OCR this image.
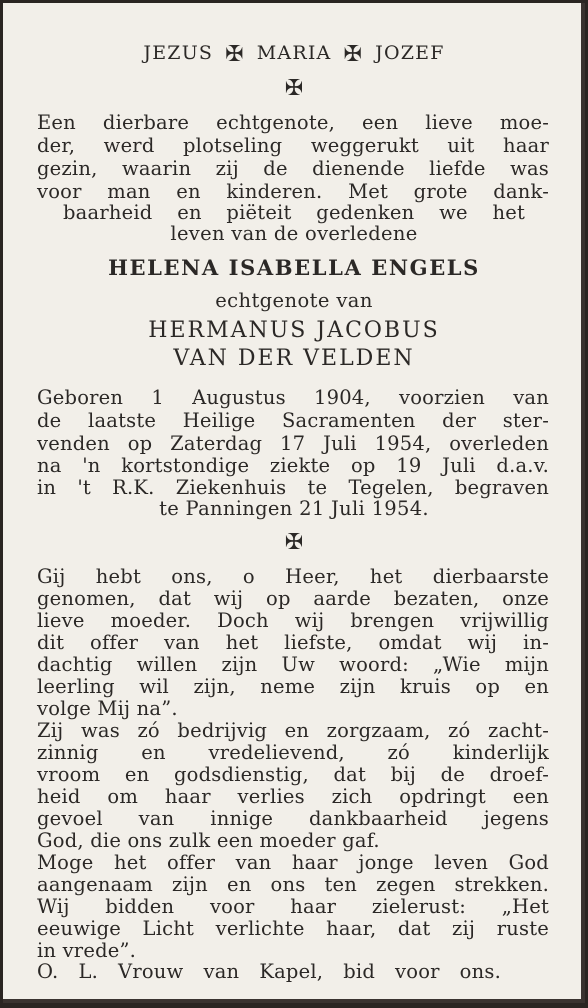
JEZUS ✠ MARIA ✠ JOZEF
✠
Een dierbare echtgenote, een lieve moe-
der, werd plotseling weggerukt uit haar
gezin, waarin zij de dienende liefde was
voor man en kinderen. Met grote dank-
baarheid en piëteit gedenken we het
leven van de overledene
HELENA ISABELLA ENGELS
echtgenote van
HERMANUS JACOBUS
VAN DER VELDEN
Geboren 1 Augustus 1904, voorzien van
de laatste Heilige Sacramenten der ster-
venden op Zaterdag 17 Juli 1954, overleden
na 'n kortstondige ziekte op 19 Juli d.a.v.
in 't R.K. Ziekenhuis te Tegelen, begraven
te Panningen 21 Juli 1954.
✠
Gij hebt ons, o Heer, het dierbaarste
genomen, dat wij op aarde bezaten, onze
lieve moeder. Doch wij brengen vrijwillig
dit offer van het liefste, omdat wij in-
dachtig willen zijn Uw woord: „Wie mijn
leerling wil zijn, neme zijn kruis op en
volge Mij na”.
Zij was zó bedrijvig en zorgzaam, zó zacht-
zinnig en vredelievend, zó kinderlijk
vroom en godsdienstig, dat bij de droef-
heid om haar verlies zich opdringt een
gevoel van innige dankbaarheid jegens
God, die ons zulk een moeder gaf.
Moge het offer van haar jonge leven God
aangenaam zijn en ons ten zegen strekken.
Wij bidden voor haar zielerust: „Het
eeuwige Licht verlichte haar, dat zij ruste
in vrede”.
O. L. Vrouw van Kapel, bid voor ons.
